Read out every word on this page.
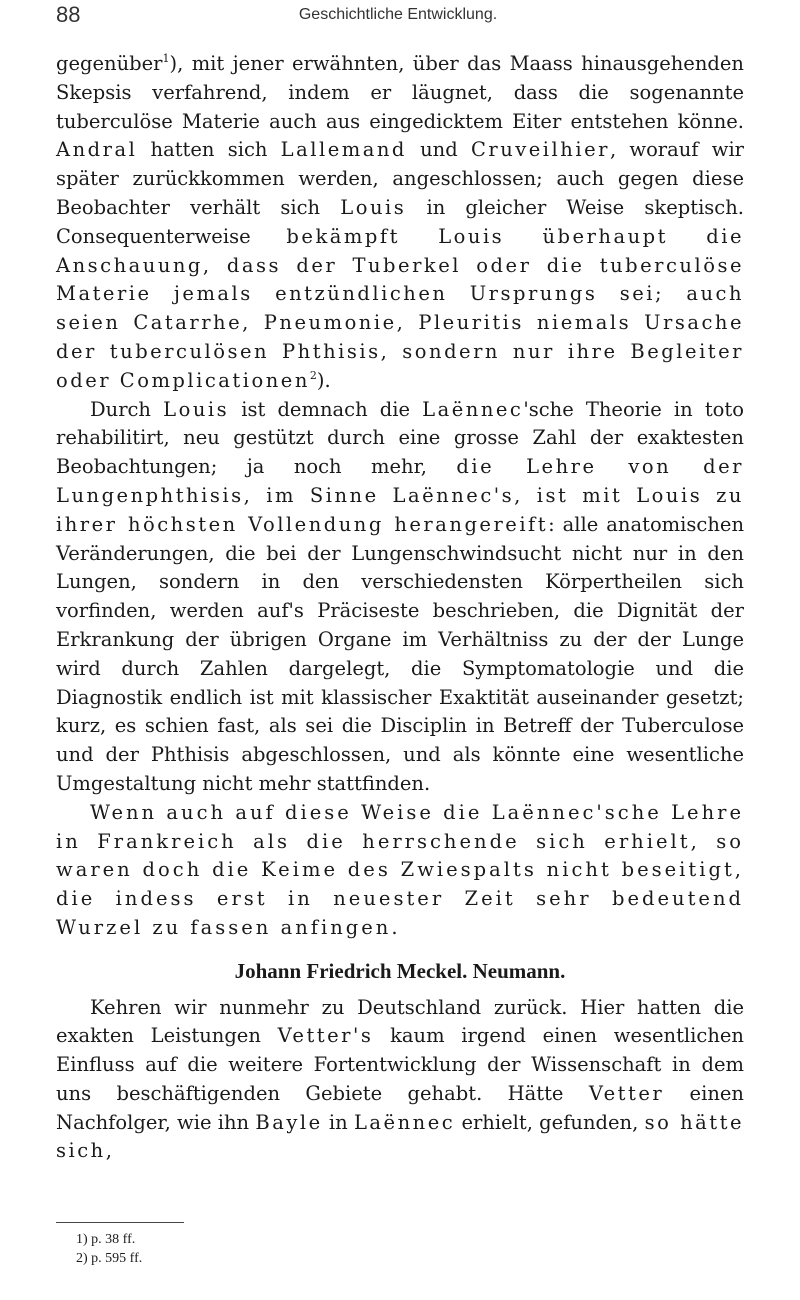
88	Geschichtliche Entwicklung.

gegenüber$^1$), mit jener erwähnten, über das Maass hinausgehenden Skepsis verfahrend, indem er läugnet, dass die sogenannte tuberculöse Materie auch aus eingedicktem Eiter entstehen könne. Andral hatten sich Lallemand und Cruveilhier, worauf wir später zurückkommen werden, angeschlossen; auch gegen diese Beobachter verhält sich Louis in gleicher Weise skeptisch. Consequenterweise bekämpft Louis überhaupt die Anschauung, dass der Tuberkel oder die tuberculöse Materie jemals entzündlichen Ursprungs sei; auch seien Catarrhe, Pneumonie, Pleuritis niemals Ursache der tuberculösen Phthisis, sondern nur ihre Begleiter oder Complicationen$^2$).

Durch Louis ist demnach die Laënnec'sche Theorie in toto rehabilitirt, neu gestützt durch eine grosse Zahl der exaktesten Beobachtungen; ja noch mehr, die Lehre von der Lungenphthisis, im Sinne Laënnec's, ist mit Louis zu ihrer höchsten Vollendung herangereift: alle anatomischen Veränderungen, die bei der Lungenschwindsucht nicht nur in den Lungen, sondern in den verschiedensten Körpertheilen sich vorfinden, werden auf's Präciseste beschrieben, die Dignität der Erkrankung der übrigen Organe im Verhältniss zu der der Lunge wird durch Zahlen dargelegt, die Symptomatologie und die Diagnostik endlich ist mit klassischer Exaktität auseinander gesetzt; kurz, es schien fast, als sei die Disciplin in Betreff der Tuberculose und der Phthisis abgeschlossen, und als könnte eine wesentliche Umgestaltung nicht mehr stattfinden.

Wenn auch auf diese Weise die Laënnec'sche Lehre in Frankreich als die herrschende sich erhielt, so waren doch die Keime des Zwiespalts nicht beseitigt, die indess erst in neuester Zeit sehr bedeutend Wurzel zu fassen anfingen.

Johann Friedrich Meckel. Neumann.

Kehren wir nunmehr zu Deutschland zurück. Hier hatten die exakten Leistungen Vetter's kaum irgend einen wesentlichen Einfluss auf die weitere Fortentwicklung der Wissenschaft in dem uns beschäftigenden Gebiete gehabt. Hätte Vetter einen Nachfolger, wie ihn Bayle in Laënnec erhielt, gefunden, so hätte sich,

1) p. 38 ff.
2) p. 595 ff.
